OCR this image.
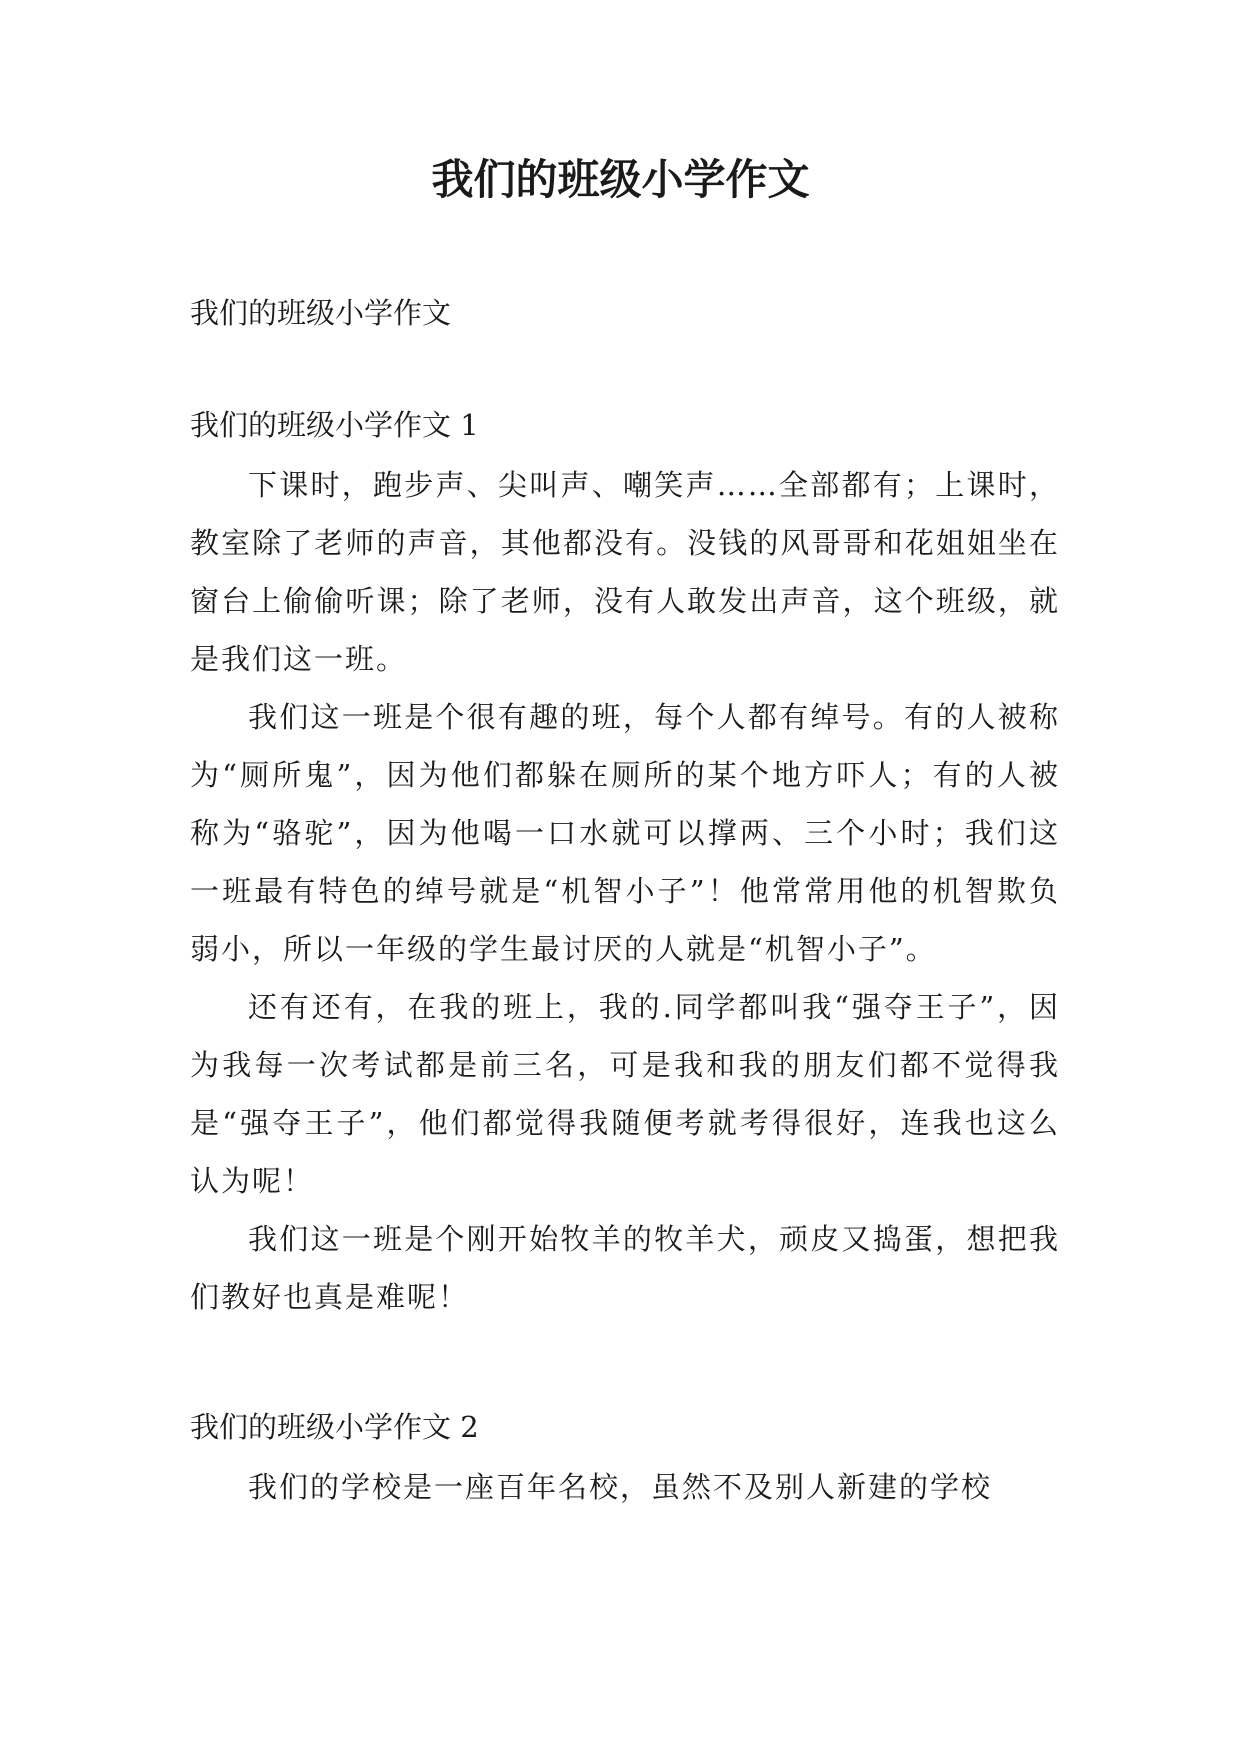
我们的班级小学作文

我们的班级小学作文

我们的班级小学作文 1

下课时，跑步声、尖叫声、嘲笑声……全部都有；上课时，教室除了老师的声音，其他都没有。没钱的风哥哥和花姐姐坐在窗台上偷偷听课；除了老师，没有人敢发出声音，这个班级，就是我们这一班。

我们这一班是个很有趣的班，每个人都有绰号。有的人被称为“厕所鬼”，因为他们都躲在厕所的某个地方吓人；有的人被称为“骆驼”，因为他喝一口水就可以撑两、三个小时；我们这一班最有特色的绰号就是“机智小子”！他常常用他的机智欺负弱小，所以一年级的学生最讨厌的人就是“机智小子”。

还有还有，在我的班上，我的.同学都叫我“强夺王子”，因为我每一次考试都是前三名，可是我和我的朋友们都不觉得我是“强夺王子”，他们都觉得我随便考就考得很好，连我也这么认为呢！

我们这一班是个刚开始牧羊的牧羊犬，顽皮又捣蛋，想把我们教好也真是难呢！

我们的班级小学作文 2

我们的学校是一座百年名校，虽然不及别人新建的学校
